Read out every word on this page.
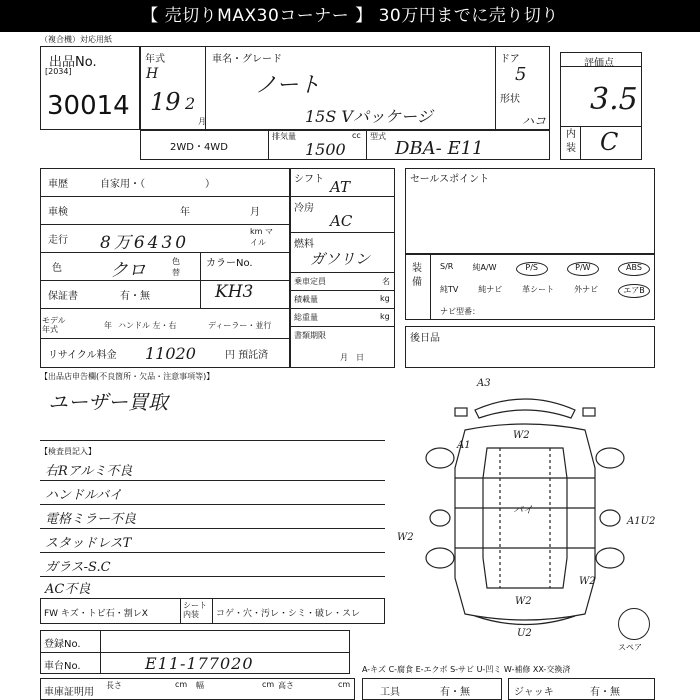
【 売切りMAX30コーナー 】 30万円までに売り切り
（複合機）対応用紙
出品No.
[2034]
30014
年式
H
19 2
月
車名・グレード
ノート
15S Vパッケージ
ドア
5
形状
ハコ
評価点
3.5
内装 C
2WD・4WD
排気量
1500
cc 型式
DBA- E11
車歴	自家用・（　　　　　　）
車検	年	月
走行 8万6430
km マイル
色	クロ	色替
カラーNo.
KH3
保証書	有・無
モデル年式	年 ハンドル 左・右	ディーラー・並行
リサイクル料金 11020	円 預託済
シフト AT
冷房
AC
燃料
ガソリン
乗車定員	名
積載量	kg
総重量	kg
書類期限
月　日
セールスポイント
装備
S/R 純A/W	P/S	P/W	ABS
純TV 純ナビ 革シート 外ナビ	エアB
ナビ型番：
後日品
【出品店申告欄(不良箇所・欠品・注意事項等)】
ユーザー買取
【検査員記入】
右Rアルミ不良
ハンドルバイ
電格ミラー不良
スタッドレスT
ガラス-S.C
AC不良
FW キズ・トビ石・割レX
シート内装	コゲ・穴・汚レ・シミ・破レ・スレ
登録No.
車台No.	E11-177020
車庫証明用
長さ	cm 幅	cm 高さ	cm
A-キズ C-腐食 E-エクボ S-サビ U-凹ミ W-補修 XX-交換済
工具	有・無	ジャッキ	有・無
A3
W2
A1
バイ
A1U2
W2
W2
W2
U2
スペア
